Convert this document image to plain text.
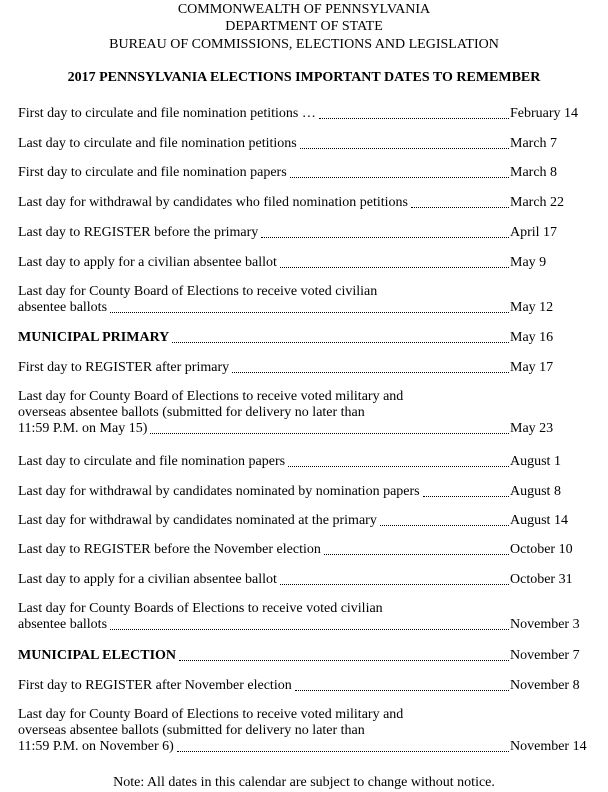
COMMONWEALTH OF PENNSYLVANIA
DEPARTMENT OF STATE
BUREAU OF COMMISSIONS, ELECTIONS AND LEGISLATION
2017 PENNSYLVANIA ELECTIONS IMPORTANT DATES TO REMEMBER
First day to circulate and file nomination petitions …	February 14
Last day to circulate and file nomination petitions	March 7
First day to circulate and file nomination papers	March 8
Last day for withdrawal by candidates who filed nomination petitions	March 22
Last day to REGISTER before the primary	April 17
Last day to apply for a civilian absentee ballot	May 9
Last day for County Board of Elections to receive voted civilian
absentee ballots	May 12
MUNICIPAL PRIMARY	May 16
First day to REGISTER after primary	May 17
Last day for County Board of Elections to receive voted military and
overseas absentee ballots (submitted for delivery no later than
11:59 P.M. on May 15)	May 23
Last day to circulate and file nomination papers	August 1
Last day for withdrawal by candidates nominated by nomination papers	August 8
Last day for withdrawal by candidates nominated at the primary	August 14
Last day to REGISTER before the November election	October 10
Last day to apply for a civilian absentee ballot	October 31
Last day for County Boards of Elections to receive voted civilian
absentee ballots	November 3
MUNICIPAL ELECTION	November 7
First day to REGISTER after November election	November 8
Last day for County Board of Elections to receive voted military and
overseas absentee ballots (submitted for delivery no later than
11:59 P.M. on November 6)	November 14
Note: All dates in this calendar are subject to change without notice.
